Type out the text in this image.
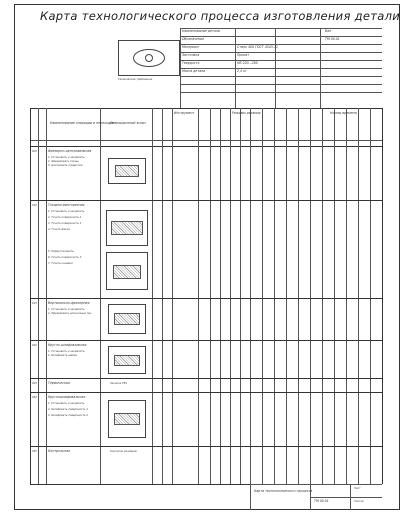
Карта технологического процесса изготовления детали
Технические требования
Наименование детали	Вал
Обозначение	ТМ 00.01
Материал	Сталь 40Х ГОСТ 4543-71
Заготовка	Прокат
Твердость	НВ 220...260
Масса детали	2,4 кг
Наименование операции и переходов
Операционный эскиз
Инструмент	Режимы резания	Нормы времени
005	Фрезерно-центровальная
1. Установить и закрепить
2. Фрезеровать торцы
3. Центровать отверстия
010	Токарно-винторезная
1. Установить и закрепить
2. Точить поверхность 1
3. Точить поверхность 2
4. Точить фаски
5. Переустановить
6. Точить поверхность 3
7. Точить канавки
015	Вертикально-фрезерная
1. Установить и закрепить
2. Фрезеровать шпоночный паз
020	Кругло-шлифовальная
1. Установить и закрепить
2. Шлифовать шейки
025	Термическая	Закалка ТВЧ
030	Круглошлифовальная
1. Установить и закрепить
2. Шлифовать поверхность 1
3. Шлифовать поверхность 2
035	Контрольная	Контроль размеров
Карта технологического процесса
ТМ 00.01
Лист
Листов
